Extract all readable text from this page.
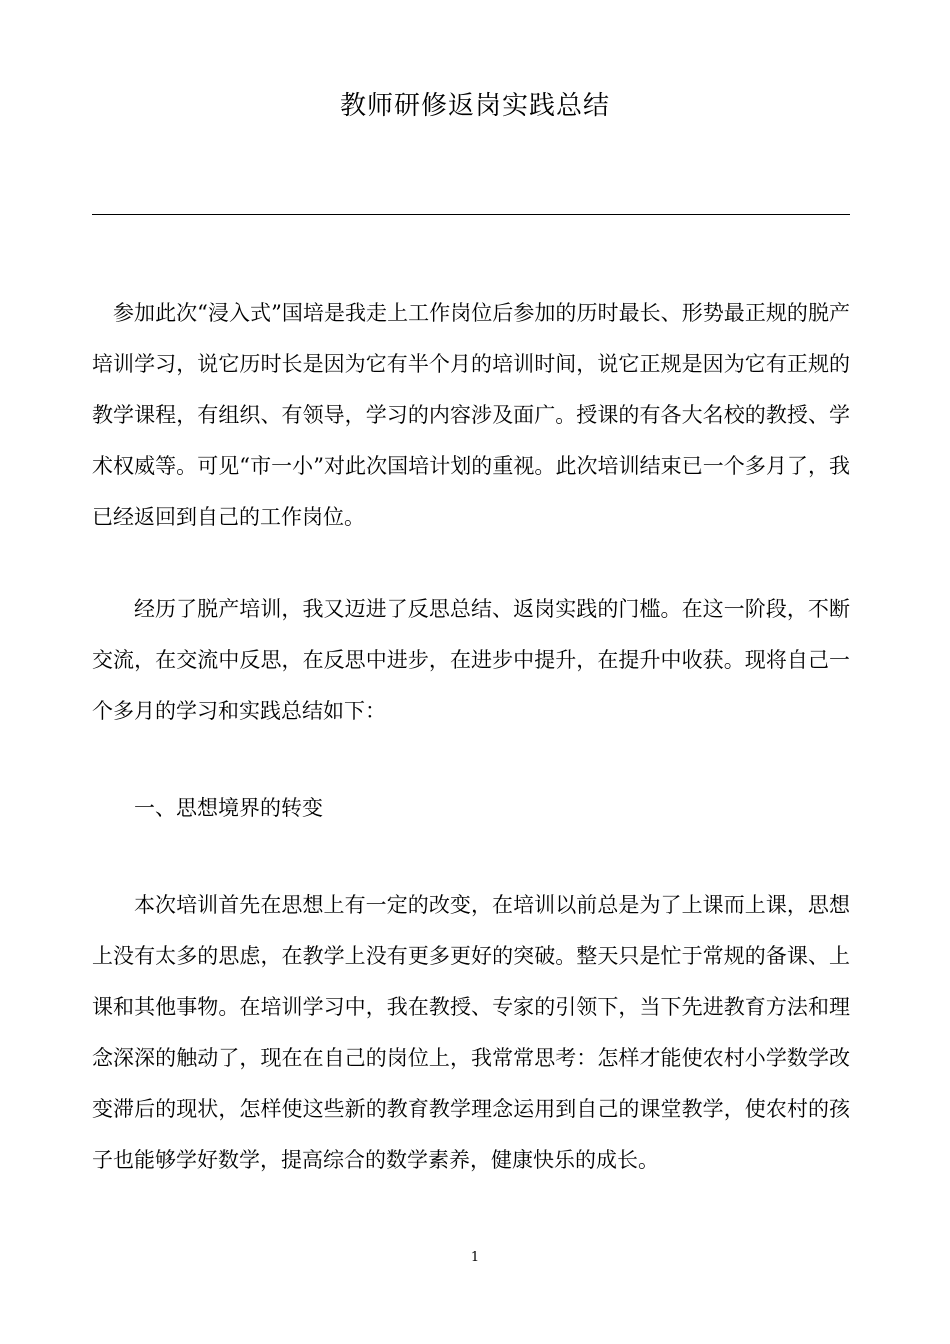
教师研修返岗实践总结

参加此次“浸入式”国培是我走上工作岗位后参加的历时最长、形势最正规的脱产培训学习，说它历时长是因为它有半个月的培训时间，说它正规是因为它有正规的教学课程，有组织、有领导，学习的内容涉及面广。授课的有各大名校的教授、学术权威等。可见“市一小”对此次国培计划的重视。此次培训结束已一个多月了，我已经返回到自己的工作岗位。

经历了脱产培训，我又迈进了反思总结、返岗实践的门槛。在这一阶段，不断交流，在交流中反思，在反思中进步，在进步中提升，在提升中收获。现将自己一个多月的学习和实践总结如下：

一、思想境界的转变

本次培训首先在思想上有一定的改变，在培训以前总是为了上课而上课，思想上没有太多的思虑，在教学上没有更多更好的突破。整天只是忙于常规的备课、上课和其他事物。在培训学习中，我在教授、专家的引领下，当下先进教育方法和理念深深的触动了，现在在自己的岗位上，我常常思考：怎样才能使农村小学数学改变滞后的现状，怎样使这些新的教育教学理念运用到自己的课堂教学，使农村的孩子也能够学好数学，提高综合的数学素养，健康快乐的成长。

1
